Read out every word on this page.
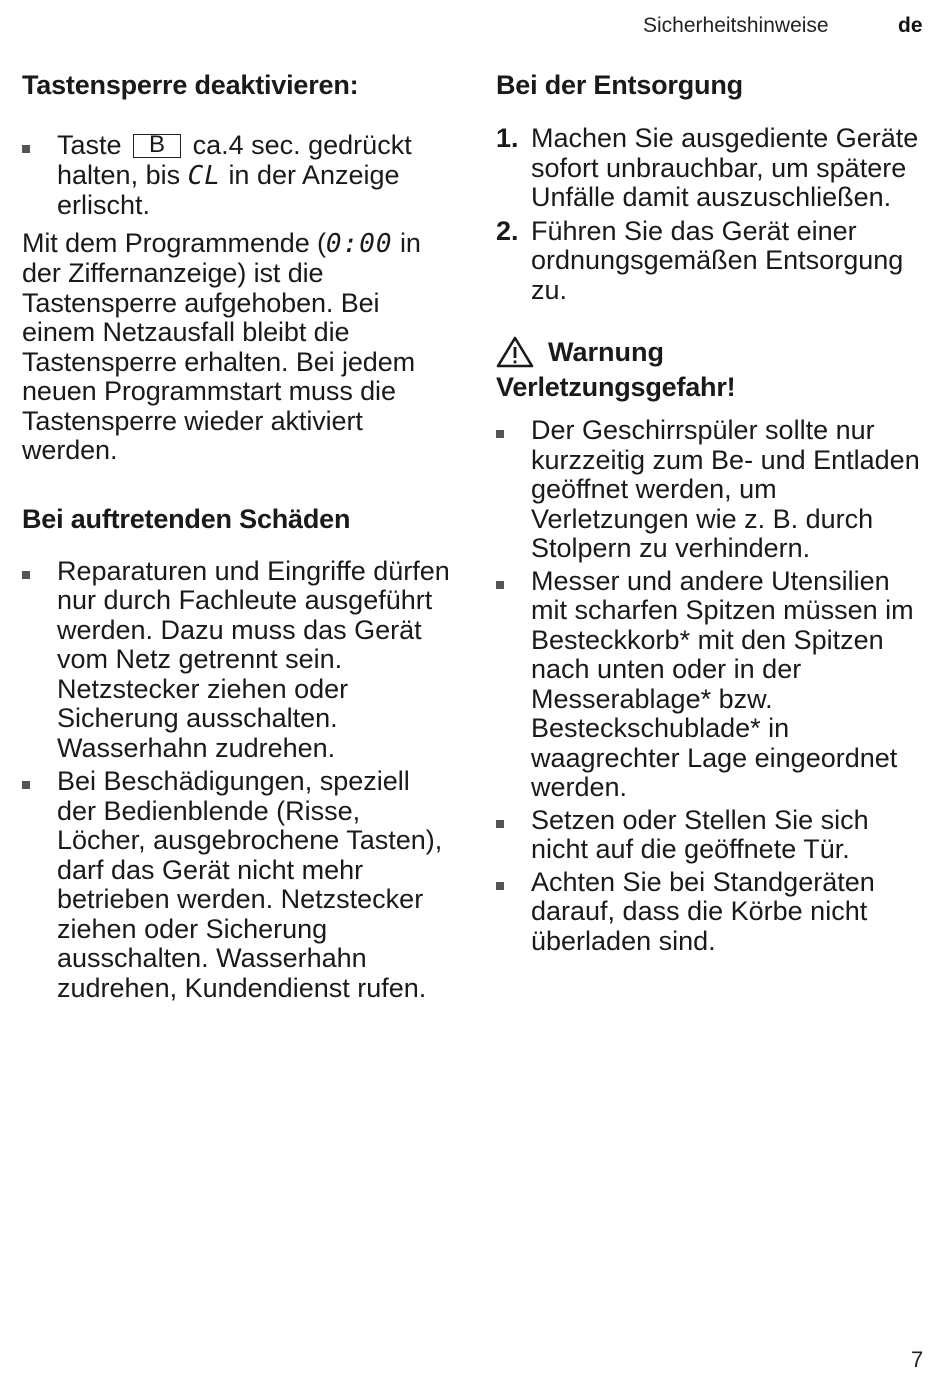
Sicherheitshinweise	de
Tastensperre deaktivieren:
Taste B ca.4 sec. gedrückt halten, bis CL in der Anzeige erlischt.

Mit dem Programmende (0:00 in der Ziffernanzeige) ist die Tastensperre aufgehoben. Bei einem Netzausfall bleibt die Tastensperre erhalten. Bei jedem neuen Programmstart muss die Tastensperre wieder aktiviert werden.

Bei auftretenden Schäden
Reparaturen und Eingriffe dürfen nur durch Fachleute ausgeführt werden. Dazu muss das Gerät vom Netz getrennt sein. Netzstecker ziehen oder Sicherung ausschalten. Wasserhahn zudrehen.
Bei Beschädigungen, speziell der Bedienblende (Risse, Löcher, ausgebrochene Tasten), darf das Gerät nicht mehr betrieben werden. Netzstecker ziehen oder Sicherung ausschalten. Wasserhahn zudrehen, Kundendienst rufen.
Bei der Entsorgung
1. Machen Sie ausgediente Geräte sofort unbrauchbar, um spätere Unfälle damit auszuschließen.
2. Führen Sie das Gerät einer ordnungsgemäßen Entsorgung zu.
Warnung
Verletzungsgefahr!
Der Geschirrspüler sollte nur kurzzeitig zum Be- und Entladen geöffnet werden, um Verletzungen wie z. B. durch Stolpern zu verhindern.
Messer und andere Utensilien mit scharfen Spitzen müssen im Besteckkorb* mit den Spitzen nach unten oder in der Messerablage* bzw. Besteckschublade* in waagrechter Lage eingeordnet werden.
Setzen oder Stellen Sie sich nicht auf die geöffnete Tür.
Achten Sie bei Standgeräten darauf, dass die Körbe nicht überladen sind.
7
